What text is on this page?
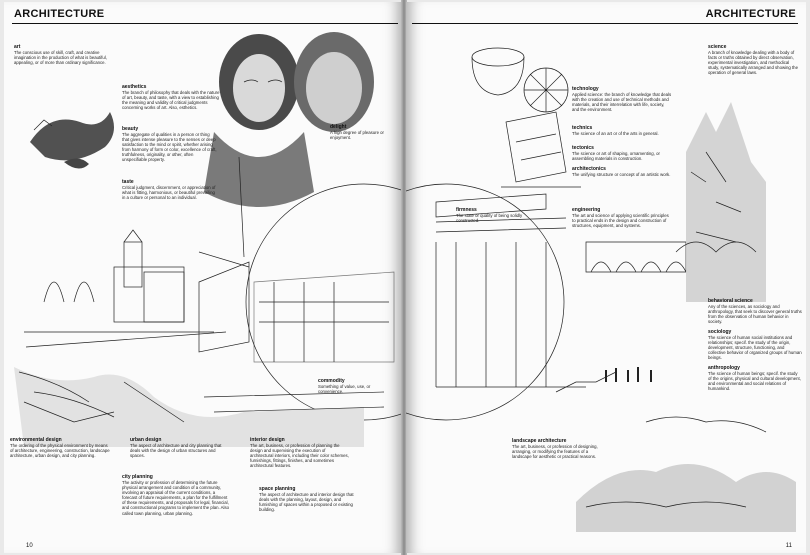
ARCHITECTURE
art
The conscious use of skill, craft, and creative imagination in the production of what is beautiful, appealing, or of more than ordinary significance.
aesthetics
The branch of philosophy that deals with the nature of art, beauty, and taste, with a view to establishing the meaning and validity of critical judgments concerning works of art. Also, esthetics.
beauty
The aggregate of qualities in a person or thing that gives intense pleasure to the senses or deep satisfaction to the mind or spirit, whether arising from harmony of form or color, excellence of craft, truthfulness, originality, or other, often unspecifiable property.
taste
Critical judgment, discernment, or appreciation of what is fitting, harmonious, or beautiful prevailing in a culture or personal to an individual.
delight
A high degree of pleasure or enjoyment.
commodity
Something of value, use, or convenience.
environmental design
The ordering of the physical environment by means of architecture, engineering, construction, landscape architecture, urban design, and city planning.
urban design
The aspect of architecture and city planning that deals with the design of urban structures and spaces.
interior design
The art, business, or profession of planning the design and supervising the execution of architectural interiors, including their color schemes, furnishings, fittings, finishes, and sometimes architectural features.
city planning
The activity or profession of determining the future physical arrangement and condition of a community, involving an appraisal of the current conditions, a forecast of future requirements, a plan for the fulfillment of these requirements, and proposals for legal, financial, and constructional programs to implement the plan. Also called town planning, urban planning.
space planning
The aspect of architecture and interior design that deals with the planning, layout, design, and furnishing of spaces within a proposed or existing building.
10
ARCHITECTURE
science
A branch of knowledge dealing with a body of facts or truths obtained by direct observation, experimental investigation, and methodical study, systematically arranged and showing the operation of general laws.
technology
Applied science: the branch of knowledge that deals with the creation and use of technical methods and materials, and their interrelation with life, society, and the environment.
technics
The science of an art or of the arts in general.
tectonics
The science or art of shaping, ornamenting, or assembling materials in construction.
architectonics
The unifying structure or concept of an artistic work.
firmness
The state or quality of being solidly constructed.
engineering
The art and science of applying scientific principles to practical ends in the design and construction of structures, equipment, and systems.
behavioral science
Any of the sciences, as sociology and anthropology, that seek to discover general truths from the observation of human behavior in society.
sociology
The science of human social institutions and relationships; specif. the study of the origin, development, structure, functioning, and collective behavior of organized groups of human beings.
anthropology
The science of human beings; specif. the study of the origins, physical and cultural development, and environmental and social relations of humankind.
landscape architecture
The art, business, or profession of designing, arranging, or modifying the features of a landscape for aesthetic or practical reasons.
11
